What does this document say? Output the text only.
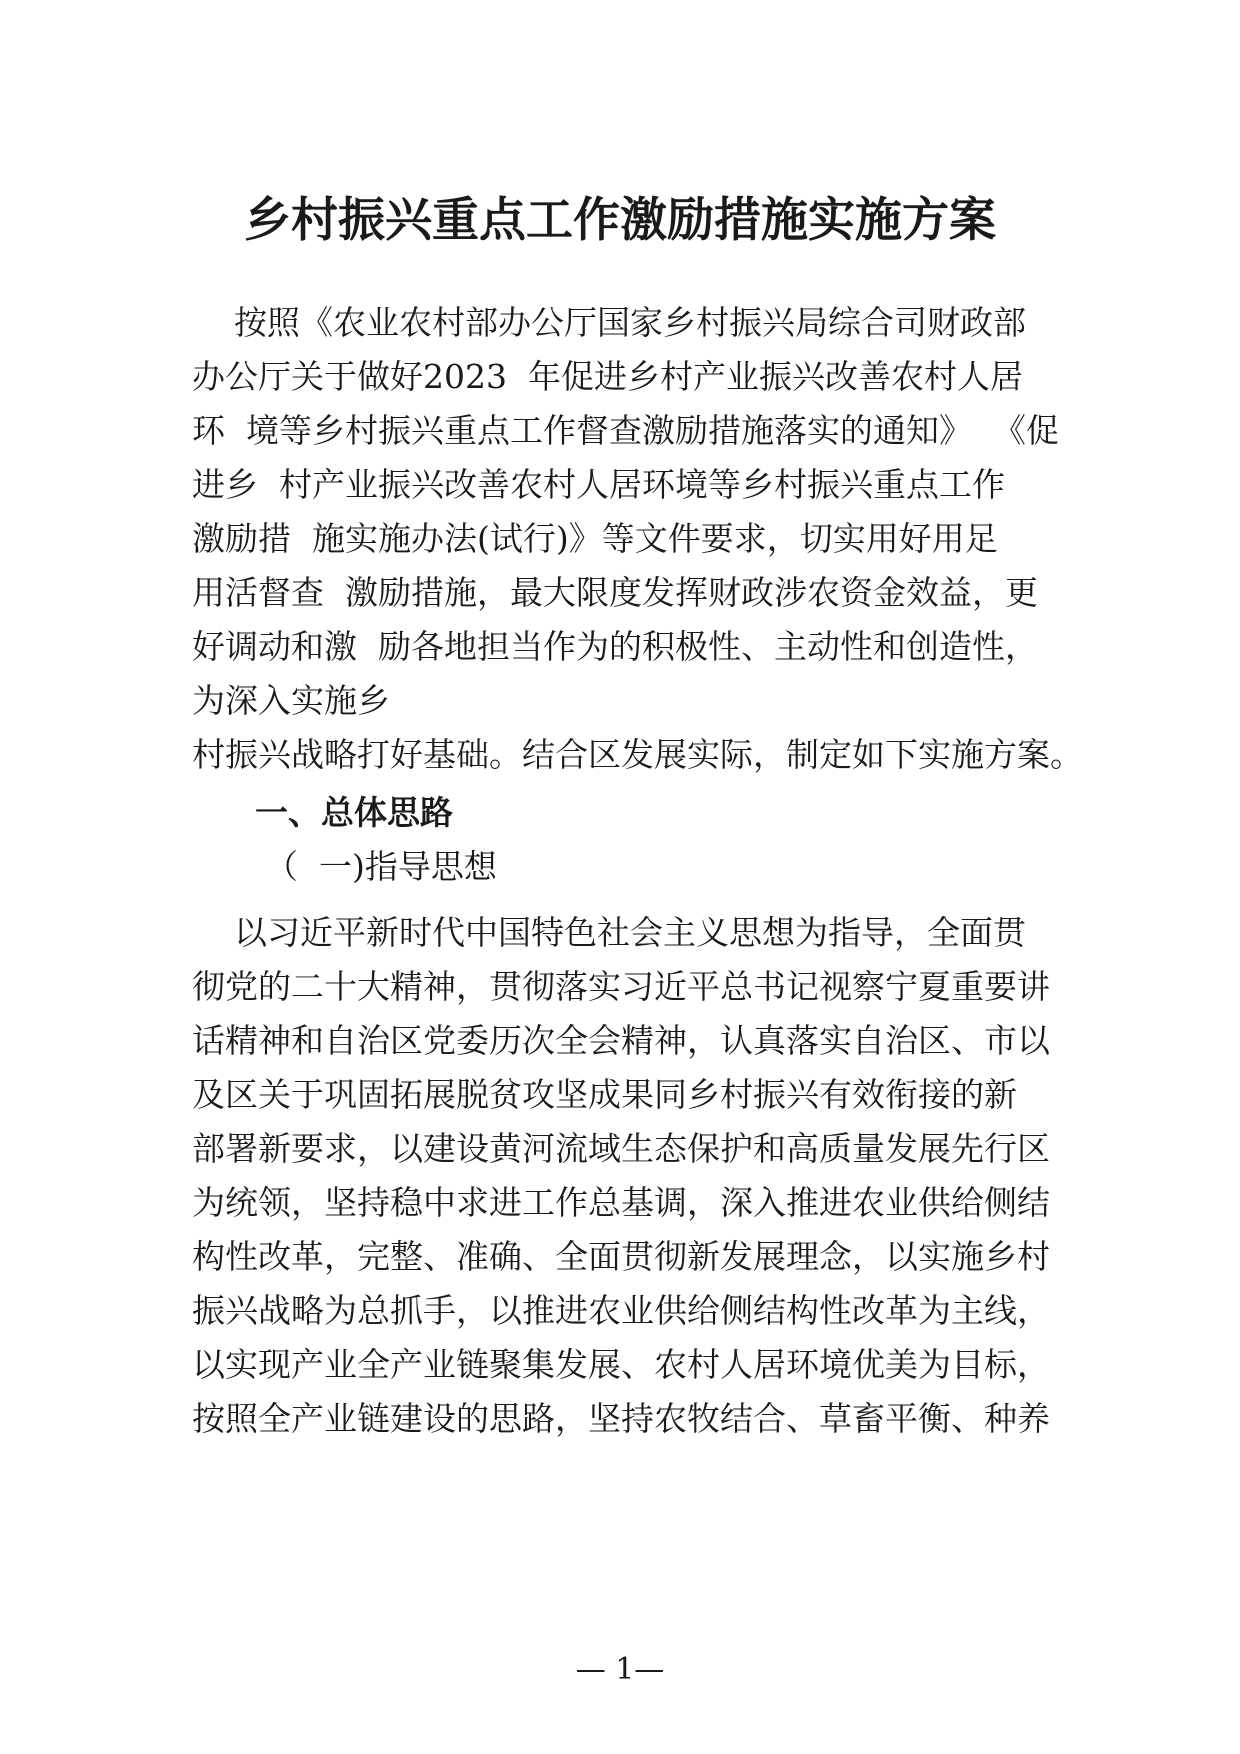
乡村振兴重点工作激励措施实施方案
按照《农业农村部办公厅国家乡村振兴局综合司财政部
办公厅关于做好2023  年促进乡村产业振兴改善农村人居
环  境等乡村振兴重点工作督查激励措施落实的通知》  《促
进乡  村产业振兴改善农村人居环境等乡村振兴重点工作
激励措  施实施办法(试行)》等文件要求，切实用好用足
用活督查  激励措施，最大限度发挥财政涉农资金效益，更
好调动和激  励各地担当作为的积极性、主动性和创造性，
为深入实施乡
村振兴战略打好基础。结合区发展实际，制定如下实施方案。
一、总体思路
（  一)指导思想
以习近平新时代中国特色社会主义思想为指导，全面贯
彻党的二十大精神，贯彻落实习近平总书记视察宁夏重要讲
话精神和自治区党委历次全会精神，认真落实自治区、市以
及区关于巩固拓展脱贫攻坚成果同乡村振兴有效衔接的新
部署新要求，以建设黄河流域生态保护和高质量发展先行区
为统领，坚持稳中求进工作总基调，深入推进农业供给侧结
构性改革，完整、准确、全面贯彻新发展理念，以实施乡村
振兴战略为总抓手，以推进农业供给侧结构性改革为主线，
以实现产业全产业链聚集发展、农村人居环境优美为目标，
按照全产业链建设的思路，坚持农牧结合、草畜平衡、种养
— 1—
